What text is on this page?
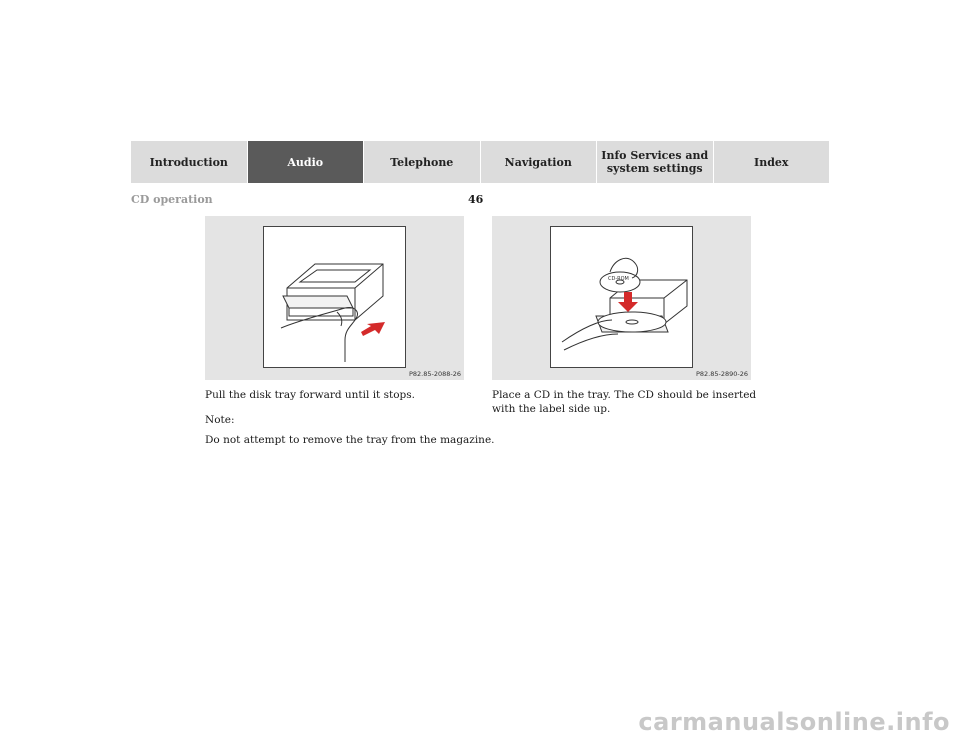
Introduction	Audio	Telephone	Navigation	Info Services and
system settings	Index
CD operation	46
P82.85-2088-26
CD-ROM
P82.85-2890-26
Pull the disk tray forward until it stops.
Note:
Do not attempt to remove the tray from the magazine.
Place a CD in the tray. The CD should be inserted with the label side up.
carmanualsonline.info
